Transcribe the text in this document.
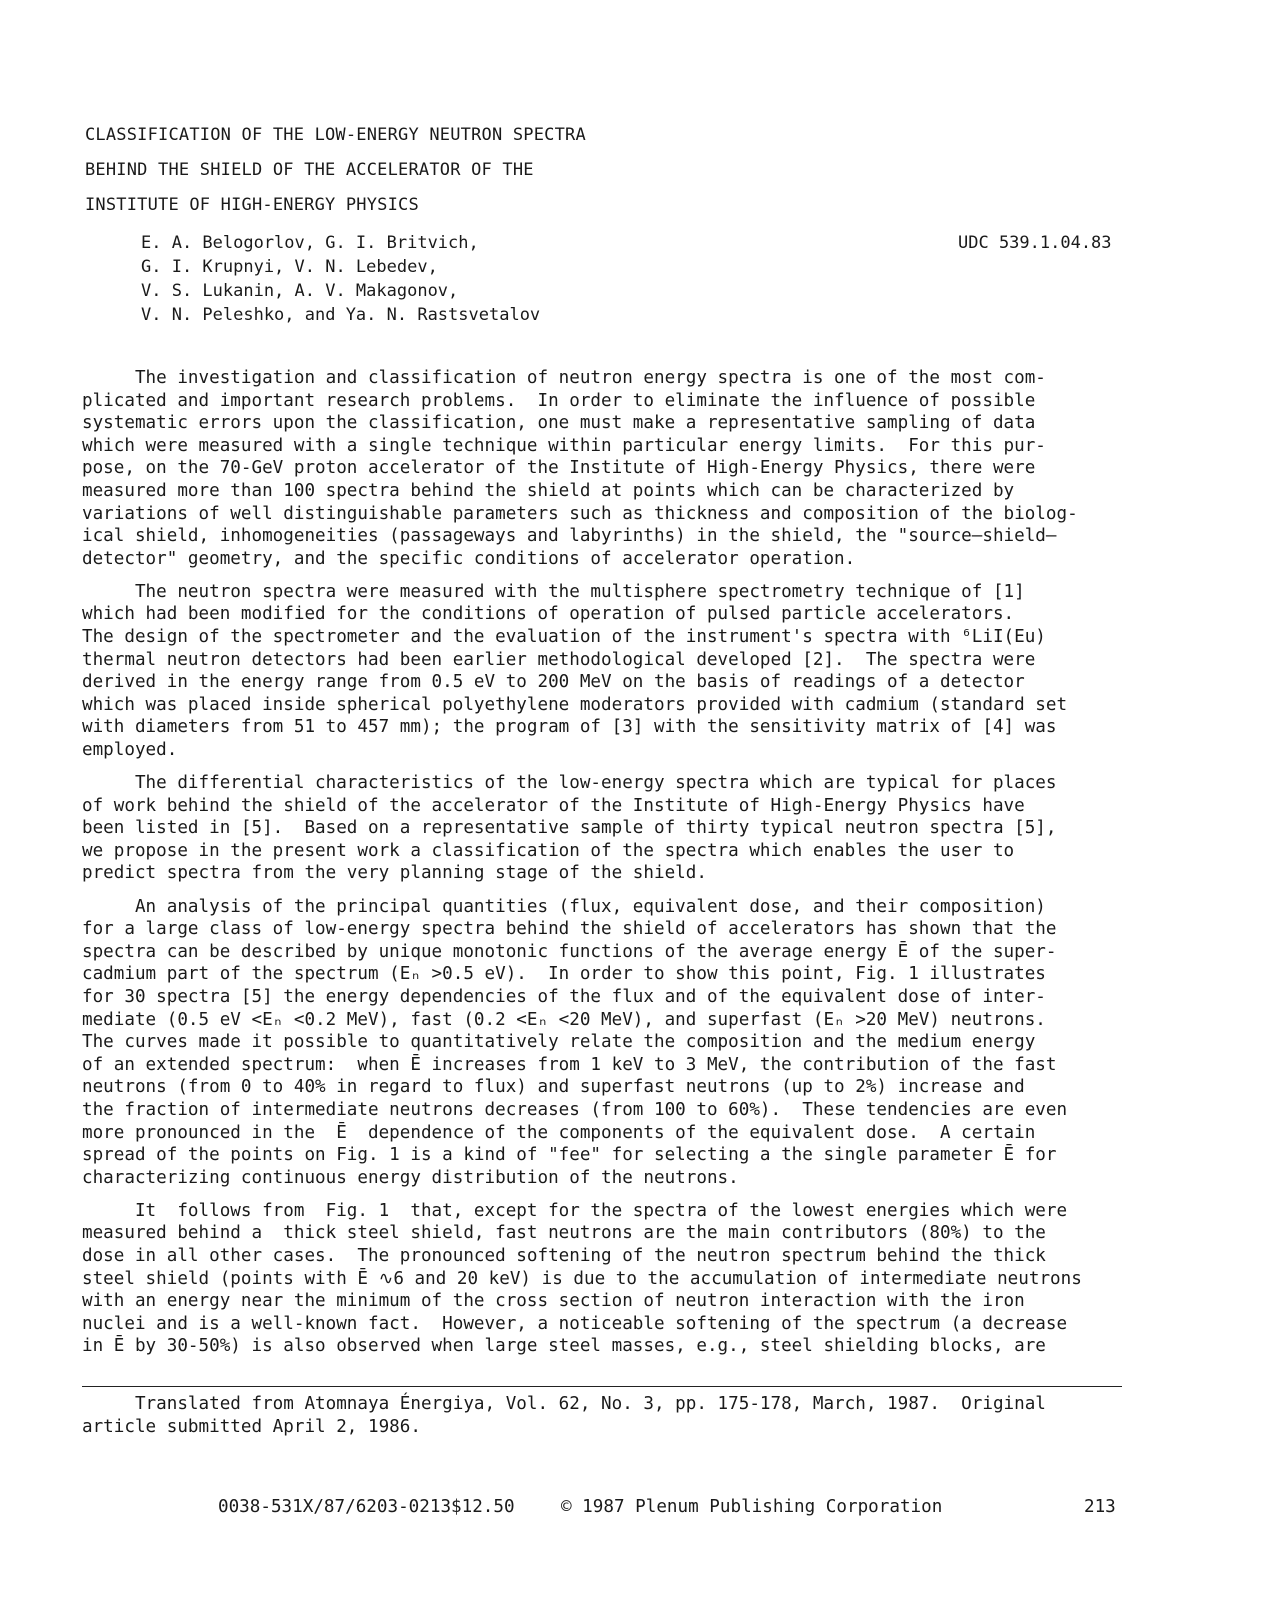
CLASSIFICATION OF THE LOW-ENERGY NEUTRON SPECTRA
BEHIND THE SHIELD OF THE ACCELERATOR OF THE
INSTITUTE OF HIGH-ENERGY PHYSICS
E. A. Belogorlov, G. I. Britvich,
G. I. Krupnyi, V. N. Lebedev,
V. S. Lukanin, A. V. Makagonov,
V. N. Peleshko, and Ya. N. Rastsvetalov
UDC 539.1.04.83
The investigation and classification of neutron energy spectra is one of the most com-
plicated and important research problems.  In order to eliminate the influence of possible
systematic errors upon the classification, one must make a representative sampling of data
which were measured with a single technique within particular energy limits.  For this pur-
pose, on the 70-GeV proton accelerator of the Institute of High-Energy Physics, there were
measured more than 100 spectra behind the shield at points which can be characterized by
variations of well distinguishable parameters such as thickness and composition of the biolog-
ical shield, inhomogeneities (passageways and labyrinths) in the shield, the "source—shield—
detector" geometry, and the specific conditions of accelerator operation.
The neutron spectra were measured with the multisphere spectrometry technique of [1]
which had been modified for the conditions of operation of pulsed particle accelerators.
The design of the spectrometer and the evaluation of the instrument's spectra with ⁶LiI(Eu)
thermal neutron detectors had been earlier methodological developed [2].  The spectra were
derived in the energy range from 0.5 eV to 200 MeV on the basis of readings of a detector
which was placed inside spherical polyethylene moderators provided with cadmium (standard set
with diameters from 51 to 457 mm); the program of [3] with the sensitivity matrix of [4] was
employed.
The differential characteristics of the low-energy spectra which are typical for places
of work behind the shield of the accelerator of the Institute of High-Energy Physics have
been listed in [5].  Based on a representative sample of thirty typical neutron spectra [5],
we propose in the present work a classification of the spectra which enables the user to
predict spectra from the very planning stage of the shield.
An analysis of the principal quantities (flux, equivalent dose, and their composition)
for a large class of low-energy spectra behind the shield of accelerators has shown that the
spectra can be described by unique monotonic functions of the average energy Ē of the super-
cadmium part of the spectrum (Eₙ >0.5 eV).  In order to show this point, Fig. 1 illustrates
for 30 spectra [5] the energy dependencies of the flux and of the equivalent dose of inter-
mediate (0.5 eV <Eₙ <0.2 MeV), fast (0.2 <Eₙ <20 MeV), and superfast (Eₙ >20 MeV) neutrons.
The curves made it possible to quantitatively relate the composition and the medium energy
of an extended spectrum:  when Ē increases from 1 keV to 3 MeV, the contribution of the fast
neutrons (from 0 to 40% in regard to flux) and superfast neutrons (up to 2%) increase and
the fraction of intermediate neutrons decreases (from 100 to 60%).  These tendencies are even
more pronounced in the  Ē  dependence of the components of the equivalent dose.  A certain
spread of the points on Fig. 1 is a kind of "fee" for selecting a the single parameter Ē for
characterizing continuous energy distribution of the neutrons.
It  follows from  Fig. 1  that, except for the spectra of the lowest energies which were
measured behind a  thick steel shield, fast neutrons are the main contributors (80%) to the
dose in all other cases.  The pronounced softening of the neutron spectrum behind the thick
steel shield (points with Ē ∿6 and 20 keV) is due to the accumulation of intermediate neutrons
with an energy near the minimum of the cross section of neutron interaction with the iron
nuclei and is a well-known fact.  However, a noticeable softening of the spectrum (a decrease
in Ē by 30-50%) is also observed when large steel masses, e.g., steel shielding blocks, are
Translated from Atomnaya Énergiya, Vol. 62, No. 3, pp. 175-178, March, 1987.  Original
article submitted April 2, 1986.
0038-531X/87/6203-0213$12.50	© 1987 Plenum Publishing Corporation	213
